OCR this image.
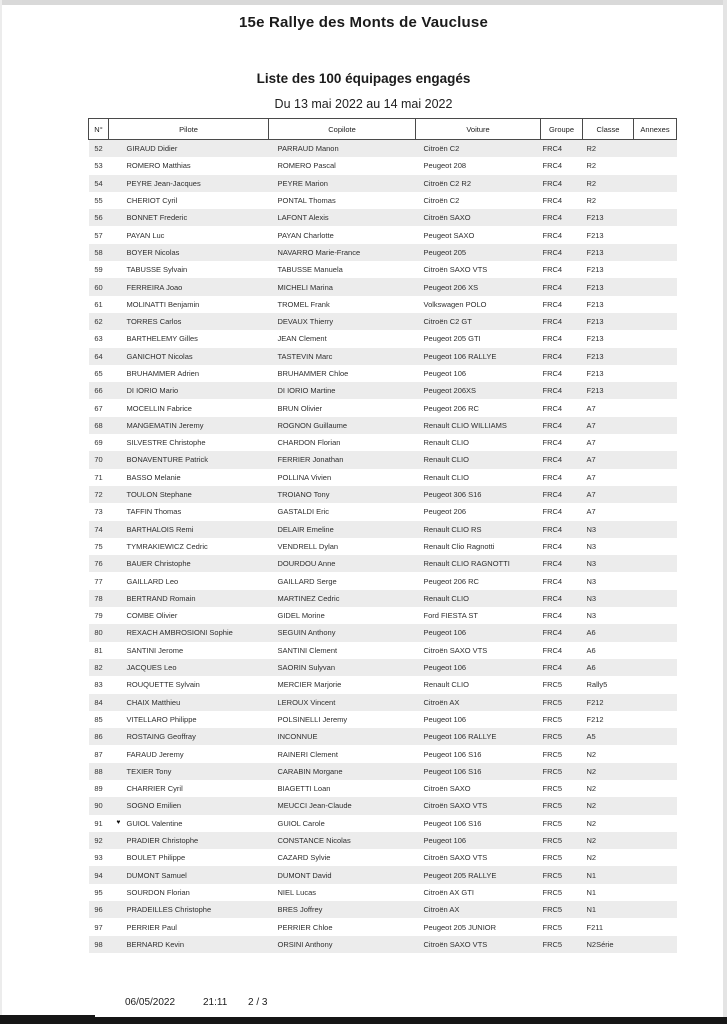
15e Rallye des Monts de Vaucluse
Liste des 100 équipages engagés
Du 13 mai 2022 au 14 mai 2022
N°	Pilote	Copilote	Voiture	Groupe	Classe	Annexes
52	GIRAUD Didier	PARRAUD Manon	Citroën C2	FRC4	R2	
53	ROMERO Matthias	ROMERO Pascal	Peugeot 208	FRC4	R2	
54	PEYRE Jean-Jacques	PEYRE Marion	Citroën C2 R2	FRC4	R2	
55	CHERIOT Cyril	PONTAL Thomas	Citroën C2	FRC4	R2	
56	BONNET Frederic	LAFONT Alexis	Citroën SAXO	FRC4	F213	
57	PAYAN Luc	PAYAN Charlotte	Peugeot SAXO	FRC4	F213	
58	BOYER Nicolas	NAVARRO Marie-France	Peugeot 205	FRC4	F213	
59	TABUSSE Sylvain	TABUSSE Manuela	Citroën SAXO VTS	FRC4	F213	
60	FERREIRA Joao	MICHELI Marina	Peugeot 206 XS	FRC4	F213	
61	MOLINATTI Benjamin	TROMEL Frank	Volkswagen POLO	FRC4	F213	
62	TORRES Carlos	DEVAUX Thierry	Citroën C2 GT	FRC4	F213	
63	BARTHELEMY Gilles	JEAN Clement	Peugeot 205 GTI	FRC4	F213	
64	GANICHOT Nicolas	TASTEVIN Marc	Peugeot 106 RALLYE	FRC4	F213	
65	BRUHAMMER Adrien	BRUHAMMER Chloe	Peugeot 106	FRC4	F213	
66	DI IORIO Mario	DI IORIO Martine	Peugeot 206XS	FRC4	F213	
67	MOCELLIN Fabrice	BRUN Olivier	Peugeot 206 RC	FRC4	A7	
68	MANGEMATIN Jeremy	ROGNON Guillaume	Renault CLIO WILLIAMS	FRC4	A7	
69	SILVESTRE Christophe	CHARDON Florian	Renault CLIO	FRC4	A7	
70	BONAVENTURE Patrick	FERRIER Jonathan	Renault CLIO	FRC4	A7	
71	BASSO Melanie	POLLINA Vivien	Renault CLIO	FRC4	A7	
72	TOULON Stephane	TROIANO Tony	Peugeot 306 S16	FRC4	A7	
73	TAFFIN Thomas	GASTALDI Eric	Peugeot 206	FRC4	A7	
74	BARTHALOIS Remi	DELAIR Emeline	Renault CLIO RS	FRC4	N3	
75	TYMRAKIEWICZ Cedric	VENDRELL Dylan	Renault Clio Ragnotti	FRC4	N3	
76	BAUER Christophe	DOURDOU Anne	Renault CLIO RAGNOTTI	FRC4	N3	
77	GAILLARD Leo	GAILLARD Serge	Peugeot 206 RC	FRC4	N3	
78	BERTRAND Romain	MARTINEZ Cedric	Renault CLIO	FRC4	N3	
79	COMBE Olivier	GIDEL Morine	Ford FIESTA ST	FRC4	N3	
80	REXACH AMBROSIONI Sophie	SEGUIN Anthony	Peugeot 106	FRC4	A6	
81	SANTINI Jerome	SANTINI Clement	Citroën SAXO VTS	FRC4	A6	
82	JACQUES Leo	SAORIN Sulyvan	Peugeot 106	FRC4	A6	
83	ROUQUETTE Sylvain	MERCIER Marjorie	Renault CLIO	FRC5	Rally5	
84	CHAIX Matthieu	LEROUX Vincent	Citroën AX	FRC5	F212	
85	VITELLARO Philippe	POLSINELLI Jeremy	Peugeot 106	FRC5	F212	
86	ROSTAING Geoffray	INCONNUE	Peugeot 106 RALLYE	FRC5	A5	
87	FARAUD Jeremy	RAINERI Clement	Peugeot 106 S16	FRC5	N2	
88	TEXIER Tony	CARABIN Morgane	Peugeot 106 S16	FRC5	N2	
89	CHARRIER Cyril	BIAGETTI Loan	Citroën SAXO	FRC5	N2	
90	SOGNO Emilien	MEUCCI Jean-Claude	Citroën SAXO VTS	FRC5	N2	
91	♥ GUIOL Valentine	GUIOL Carole	Peugeot 106 S16	FRC5	N2	
92	PRADIER Christophe	CONSTANCE Nicolas	Peugeot 106	FRC5	N2	
93	BOULET Philippe	CAZARD Sylvie	Citroën SAXO VTS	FRC5	N2	
94	DUMONT Samuel	DUMONT David	Peugeot 205 RALLYE	FRC5	N1	
95	SOURDON Florian	NIEL Lucas	Citroën AX GTI	FRC5	N1	
96	PRADEILLES Christophe	BRES Joffrey	Citroën AX	FRC5	N1	
97	PERRIER Paul	PERRIER Chloe	Peugeot 205 JUNIOR	FRC5	F211	
98	BERNARD Kevin	ORSINI Anthony	Citroën SAXO VTS	FRC5	N2Série	
06/05/2022	21:11 2 / 3
